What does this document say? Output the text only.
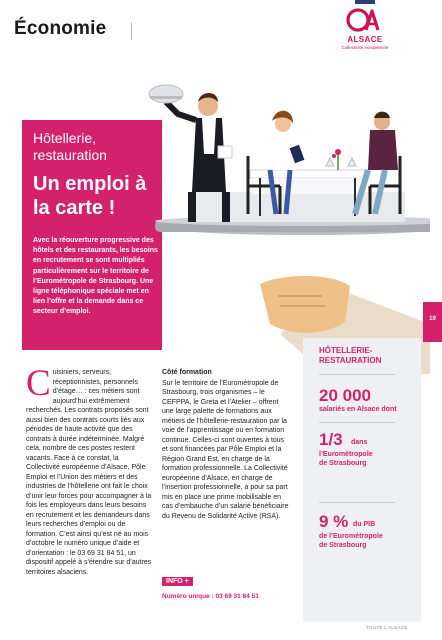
Économie
ALSACE
Collectivité européenne
Hôtellerie, restauration
Un emploi à la carte !
Avec la réouverture progressive des hôtels et des restaurants, les besoins en recrutement se sont multipliés particulièrement sur le territoire de l’Eurométropole de Strasbourg. Une ligne téléphonique spéciale met en lien l’offre et la demande dans ce secteur d’emploi.
19
Cuisiniers, serveurs, réceptionnistes, personnels d’étage… : ces métiers sont aujourd’hui extrêmement recherchés. Les contrats proposés sont aussi bien des contrats courts liés aux périodes de haute activité que des contrats à durée indéterminée. Malgré cela, nombre de ces postes restent vacants. Face à ce constat, la Collectivité européenne d’Alsace, Pôle Emploi et l’Union des métiers et des industries de l’hôtellerie ont fait le choix d’unir leur forces pour accompagner à la fois les employeurs dans leurs besoins en recrutement et les demandeurs dans leurs recherches d’emploi ou de formation. C’est ainsi qu’est né au mois d’octobre le numéro unique d’aide et d’orientation : le 03 69 31 84 51, un dispositif appelé à s’étendre sur d’autres territoires alsaciens.
Côté formation
Sur le territoire de l’Eurométropole de Strasbourg, trois organismes – le CEFPPA, le Greta et l’Atelier – offrent une large palette de formations aux métiers de l’hôtellerie-restauration par la voie de l’apprentissage ou en formation continue. Celles-ci sont ouvertes à tous et sont financées par Pôle Emploi et la Région Grand Est, en charge de la formation professionnelle. La Collectivité européenne d’Alsace, en charge de l’insertion professionnelle, a pour sa part mis en place une prime mobilisable en cas d’embauche d’un salarié bénéficiaire du Revenu de Solidarité Active (RSA).
INFO +
Numéro unique : 03 69 31 84 51
HÔTELLERIE-
RESTAURATION
20 000
salariés en Alsace dont
1/3 dans
l’Eurométropole
de Strasbourg
9 % du PIB
de l’Eurométropole
de Strasbourg
TOUTE L’ALSACE
